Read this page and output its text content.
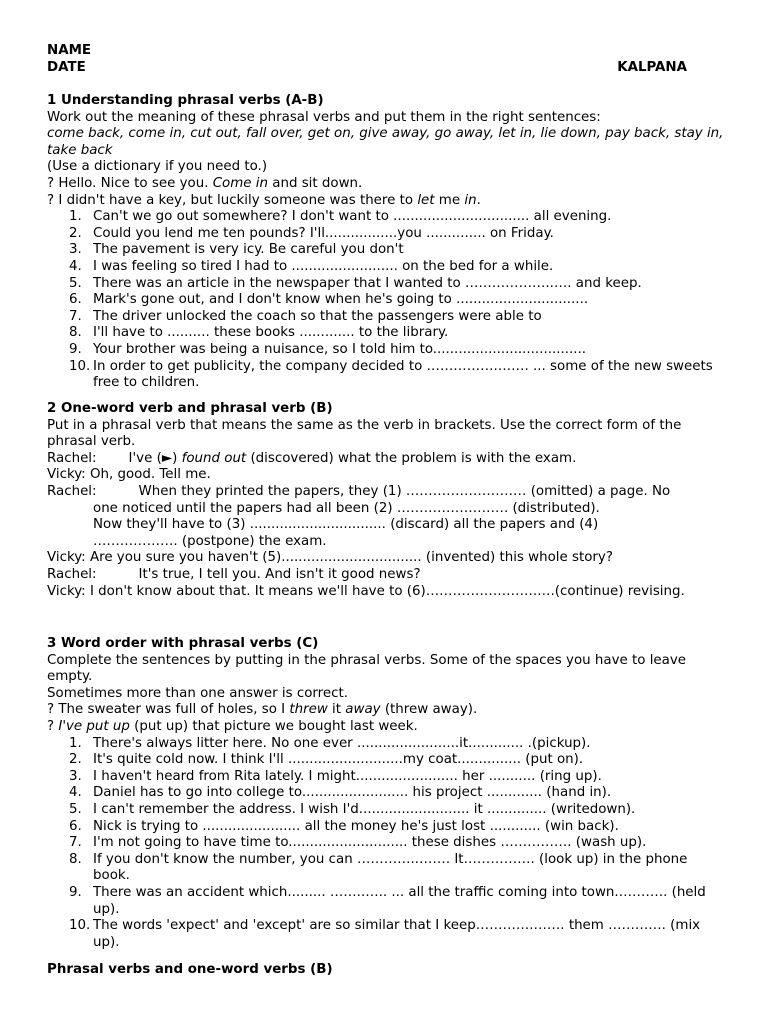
NAME
DATE	KALPANA

1 Understanding phrasal verbs (A-B)

Work out the meaning of these phrasal verbs and put them in the right sentences:

come back, come in, cut out, fall over, get on, give away, go away, let in, lie down, pay back, stay in, take back

(Use a dictionary if you need to.)

? Hello. Nice to see you. Come in and sit down.

? I didn't have a key, but luckily someone was there to let me in.

1. Can't we go out somewhere? I don't want to ................................ all evening.
2. Could you lend me ten pounds? I'll.................you .............. on Friday.
3. The pavement is very icy. Be careful you don't
4. I was feeling so tired I had to ......................... on the bed for a while.
5. There was an article in the newspaper that I wanted to ………………..…. and keep.
6. Mark's gone out, and I don't know when he's going to ...............................
7. The driver unlocked the coach so that the passengers were able to
8. I'll have to .......... these books ............. to the library.
9. Your brother was being a nuisance, so I told him to....................................
10. In order to get publicity, the company decided to …………….……. ... some of the new sweets free to children.

2 One-word verb and phrasal verb (B)

Put in a phrasal verb that means the same as the verb in brackets. Use the correct form of the phrasal verb.

Rachel: I've (►) found out (discovered) what the problem is with the exam.

Vicky: Oh, good. Tell me.

Rachel:	When they printed the papers, they (1) ……………………… (omitted) a page. No

one noticed until the papers had all been (2) ……………………. (distributed).

Now they'll have to (3) ................................ (discard) all the papers and (4)

………………. (postpone) the exam.

Vicky: Are you sure you haven't (5)................................. (invented) this whole story?

Rachel:	It's true, I tell you. And isn't it good news?

Vicky: I don't know about that. It means we'll have to (6)…………………….….(continue) revising.

3 Word order with phrasal verbs (C)

Complete the sentences by putting in the phrasal verbs. Some of the spaces you have to leave empty.

Sometimes more than one answer is correct.

? The sweater was full of holes, so I threw it away (threw away).

? I've put up (put up) that picture we bought last week.

1. There's always litter here. No one ever ........................it............. .(pickup).
2. It's quite cold now. I think I'll ...........................my coat............... (put on).
3. I haven't heard from Rita lately. I might........................ her ........... (ring up).
4. Daniel has to go into college to......................... his project ............. (hand in).
5. I can't remember the address. I wish I'd.......................... it .............. (writedown).
6. Nick is trying to ....................... all the money he's just lost ............ (win back).
7. I'm not going to have time to............................ these dishes ……………. (wash up).
8. If you don't know the number, you can …………..……. It……………. (look up) in the phone book.
9. There was an accident which......... ……..….. ... all the traffic coming into town.……….. (held up).
10. The words 'expect' and 'except' are so similar that I keep………….……. them …………. (mix up).

Phrasal verbs and one-word verbs (B)
